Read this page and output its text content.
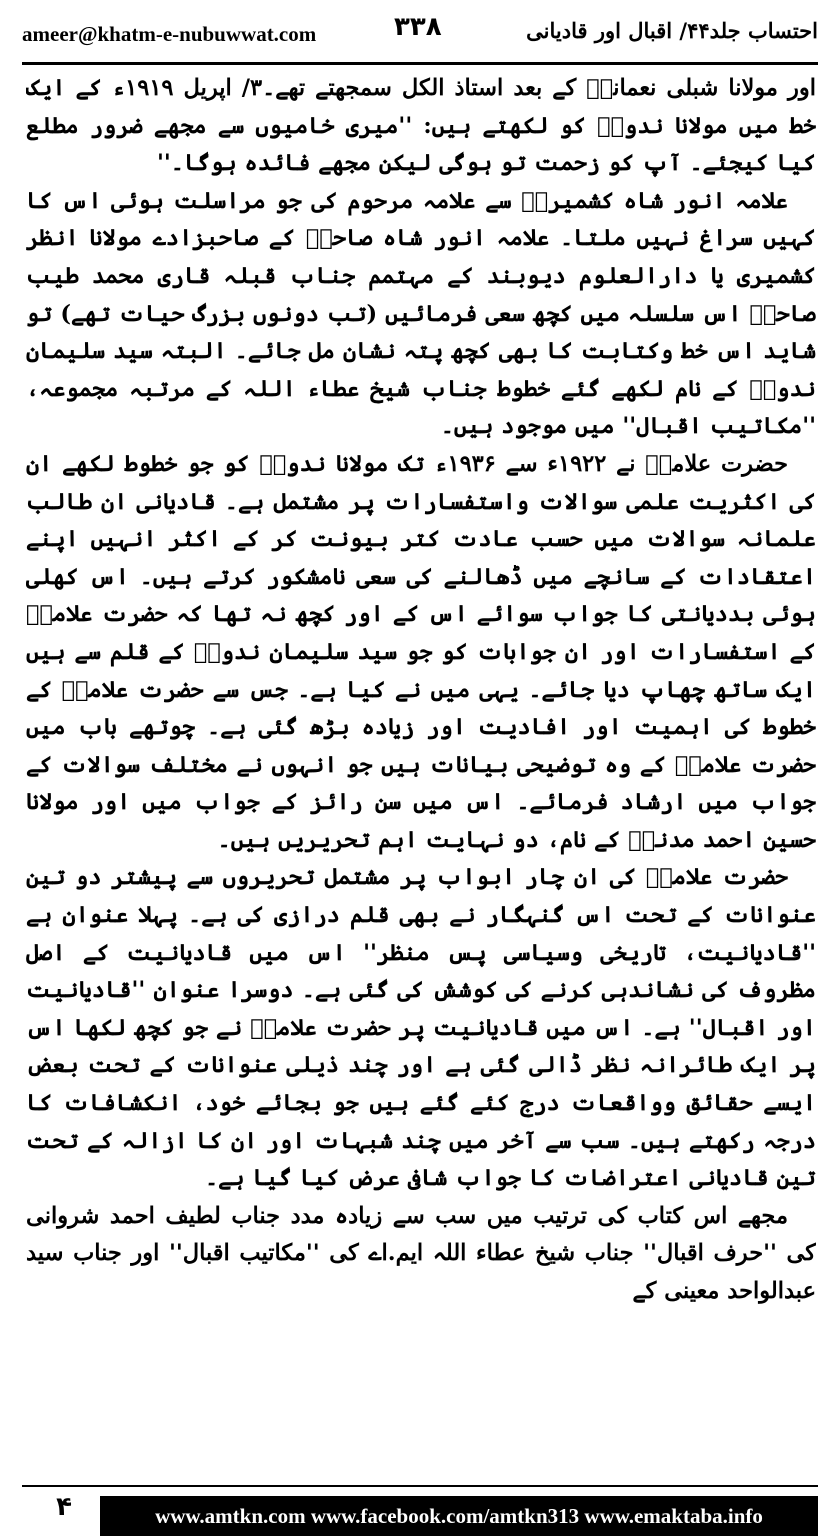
ameer@khatm-e-nubuwwat.com	۳۳۸	احتساب جلد۴۴/ اقبال اور قادیانی

اور مولانا شبلی نعمانیؒ کے بعد استاذ الکل سمجھتے تھے۔۳/ اپریل ۱۹۱۹ء کے ایک خط میں مولانا ندویؒ کو لکھتے ہیں: ''میری خامیوں سے مجھے ضرور مطلع کیا کیجئے۔ آپ کو زحمت تو ہوگی لیکن مجھے فائدہ ہوگا۔''

علامہ انور شاہ کشمیریؒ سے علامہ مرحوم کی جو مراسلت ہوئی اس کا کہیں سراغ نہیں ملتا۔ علامہ انور شاہ صاحبؒ کے صاحبزادے مولانا انظر کشمیری یا دارالعلوم دیوبند کے مہتمم جناب قبلہ قاری محمد طیب صاحبؒ اس سلسلہ میں کچھ سعی فرمائیں (تب دونوں بزرگ حیات تھے) تو شاید اس خط وکتابت کا بھی کچھ پتہ نشان مل جائے۔ البتہ سید سلیمان ندویؒ کے نام لکھے گئے خطوط جناب شیخ عطاء اللہ کے مرتبہ مجموعہ، ''مکاتیب اقبال'' میں موجود ہیں۔

حضرت علامہؒ نے ۱۹۲۲ء سے ۱۹۳۶ء تک مولانا ندویؒ کو جو خطوط لکھے ان کی اکثریت علمی سوالات واستفسارات پر مشتمل ہے۔ قادیانی ان طالب علمانہ سوالات میں حسب عادت کتر بیونت کر کے اکثر انہیں اپنے اعتقادات کے سانچے میں ڈھالنے کی سعی نامشکور کرتے ہیں۔ اس کھلی ہوئی بددیانتی کا جواب سوائے اس کے اور کچھ نہ تھا کہ حضرت علامہؒ کے استفسارات اور ان جوابات کو جو سید سلیمان ندویؒ کے قلم سے ہیں ایک ساتھ چھاپ دیا جائے۔ یہی میں نے کیا ہے۔ جس سے حضرت علامہؒ کے خطوط کی اہمیت اور افادیت اور زیادہ بڑھ گئی ہے۔ چوتھے باب میں حضرت علامہؒ کے وہ توضیحی بیانات ہیں جو انہوں نے مختلف سوالات کے جواب میں ارشاد فرمائے۔ اس میں سن رائز کے جواب میں اور مولانا حسین احمد مدنیؒ کے نام، دو نہایت اہم تحریریں ہیں۔

حضرت علامہؒ کی ان چار ابواب پر مشتمل تحریروں سے پیشتر دو تین عنوانات کے تحت اس گنہگار نے بھی قلم درازی کی ہے۔ پہلا عنوان ہے ''قادیانیت، تاریخی وسیاسی پس منظر'' اس میں قادیانیت کے اصل مظروف کی نشاندہی کرنے کی کوشش کی گئی ہے۔ دوسرا عنوان ''قادیانیت اور اقبال'' ہے۔ اس میں قادیانیت پر حضرت علامہؒ نے جو کچھ لکھا اس پر ایک طائرانہ نظر ڈالی گئی ہے اور چند ذیلی عنوانات کے تحت بعض ایسے حقائق وواقعات درج کئے گئے ہیں جو بجائے خود، انکشافات کا درجہ رکھتے ہیں۔ سب سے آخر میں چند شبہات اور ان کا ازالہ کے تحت تین قادیانی اعتراضات کا جواب شافی عرض کیا گیا ہے۔

مجھے اس کتاب کی ترتیب میں سب سے زیادہ مدد جناب لطیف احمد شروانی کی ''حرف اقبال'' جناب شیخ عطاء اللہ ایم.اے کی ''مکاتیب اقبال'' اور جناب سید عبدالواحد معینی کے

۴	www.amtkn.com www.facebook.com/amtkn313 www.emaktaba.info
